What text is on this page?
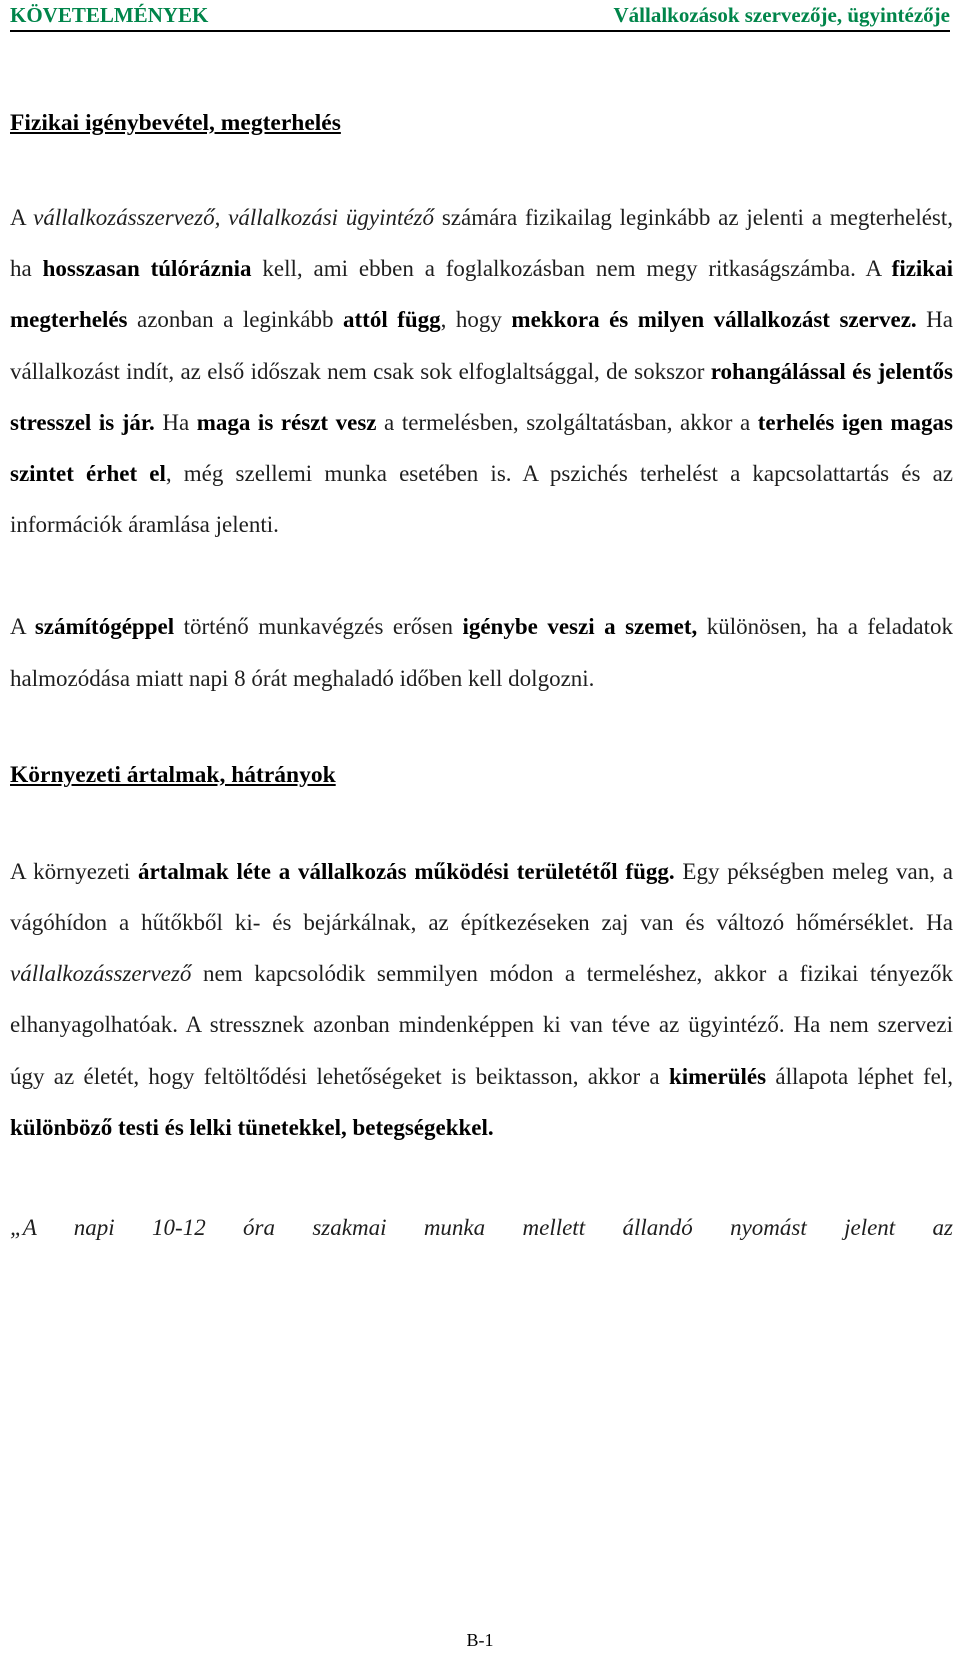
KÖVETELMÉNYEK	Vállalkozások szervezője, ügyintézője
Fizikai igénybevétel, megterhelés

A vállalkozásszervező, vállalkozási ügyintéző számára fizikailag leginkább az jelenti a megterhelést, ha hosszasan túlóráznia kell, ami ebben a foglalkozásban nem megy ritkaságszámba. A fizikai megterhelés azonban a leginkább attól függ, hogy mekkora és milyen vállalkozást szervez. Ha vállalkozást indít, az első időszak nem csak sok elfoglaltsággal, de sokszor rohangálással és jelentős stresszel is jár. Ha maga is részt vesz a termelésben, szolgáltatásban, akkor a terhelés igen magas szintet érhet el, még szellemi munka esetében is. A pszichés terhelést a kapcsolattartás és az információk áramlása jelenti.

A számítógéppel történő munkavégzés erősen igénybe veszi a szemet, különösen, ha a feladatok halmozódása miatt napi 8 órát meghaladó időben kell dolgozni.

Környezeti ártalmak, hátrányok

A környezeti ártalmak léte a vállalkozás működési területétől függ. Egy pékségben meleg van, a vágóhídon a hűtőkből ki- és bejárkálnak, az építkezéseken zaj van és változó hőmérséklet. Ha vállalkozásszervező nem kapcsolódik semmilyen módon a termeléshez, akkor a fizikai tényezők elhanyagolhatóak. A stressznek azonban mindenképpen ki van téve az ügyintéző. Ha nem szervezi úgy az életét, hogy feltöltődési lehetőségeket is beiktasson, akkor a kimerülés állapota léphet fel, különböző testi és lelki tünetekkel, betegségekkel.

„A napi 10-12 óra szakmai munka mellett állandó nyomást jelent az

B-1
